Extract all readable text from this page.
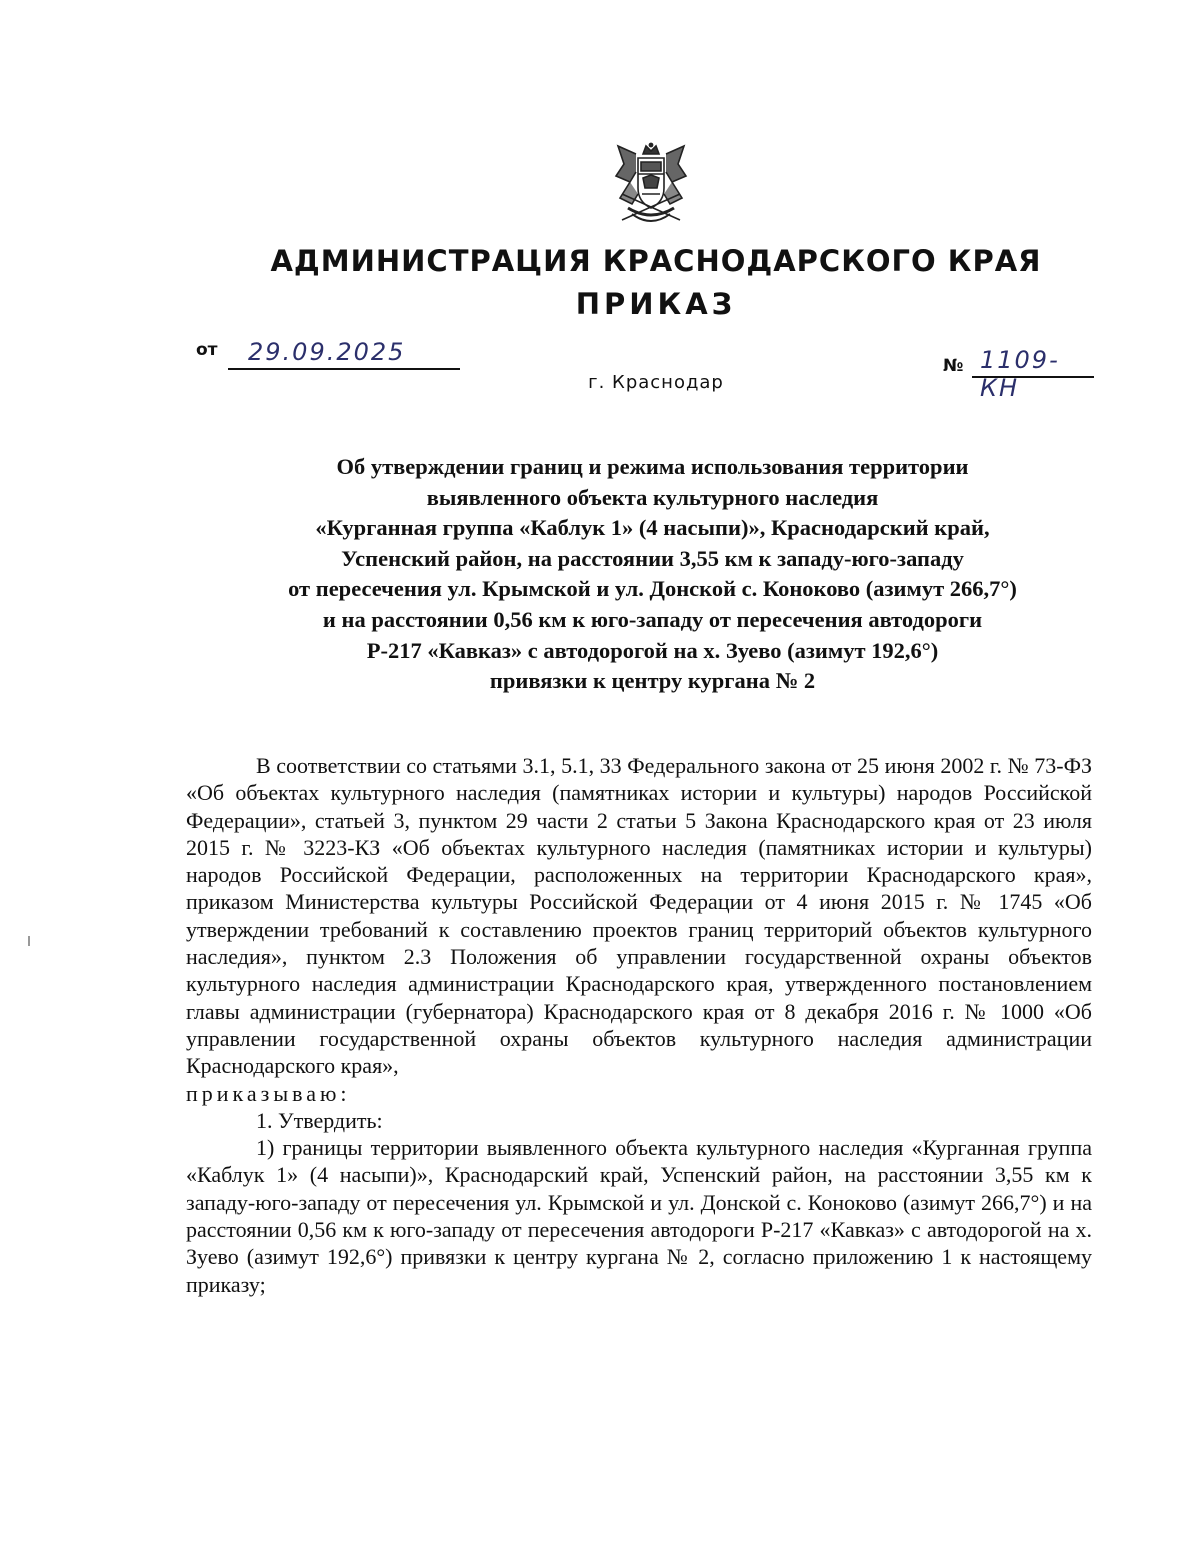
АДМИНИСТРАЦИЯ КРАСНОДАРСКОГО КРАЯ
ПРИКАЗ
от 29.09.2025	№ 1109-КН
г. Краснодар
Об утверждении границ и режима использования территории
выявленного объекта культурного наследия
«Курганная группа «Каблук 1» (4 насыпи)», Краснодарский край,
Успенский район, на расстоянии 3,55 км к западу-юго-западу
от пересечения ул. Крымской и ул. Донской с. Коноково (азимут 266,7°)
и на расстоянии 0,56 км к юго-западу от пересечения автодороги
Р-217 «Кавказ» с автодорогой на х. Зуево (азимут 192,6°)
привязки к центру кургана № 2

В соответствии со статьями 3.1, 5.1, 33 Федерального закона от 25 июня 2002 г. № 73-ФЗ «Об объектах культурного наследия (памятниках истории и культуры) народов Российской Федерации», статьей 3, пунктом 29 части 2 статьи 5 Закона Краснодарского края от 23 июля 2015 г. № 3223-КЗ «Об объектах культурного наследия (памятниках истории и культуры) народов Российской Федерации, расположенных на территории Краснодарского края», приказом Министерства культуры Российской Федерации от 4 июня 2015 г. № 1745 «Об утверждении требований к составлению проектов границ территорий объектов культурного наследия», пунктом 2.3 Положения об управлении государственной охраны объектов культурного наследия администрации Краснодарского края, утвержденного постановлением главы администрации (губернатора) Краснодарского края от 8 декабря 2016 г. № 1000 «Об управлении государственной охраны объектов культурного наследия администрации Краснодарского края»,

приказываю:

1. Утвердить:

1) границы территории выявленного объекта культурного наследия «Курганная группа «Каблук 1» (4 насыпи)», Краснодарский край, Успенский район, на расстоянии 3,55 км к западу-юго-западу от пересечения ул. Крымской и ул. Донской с. Коноково (азимут 266,7°) и на расстоянии 0,56 км к юго-западу от пересечения автодороги Р-217 «Кавказ» с автодорогой на х. Зуево (азимут 192,6°) привязки к центру кургана № 2, согласно приложению 1 к настоящему приказу;
